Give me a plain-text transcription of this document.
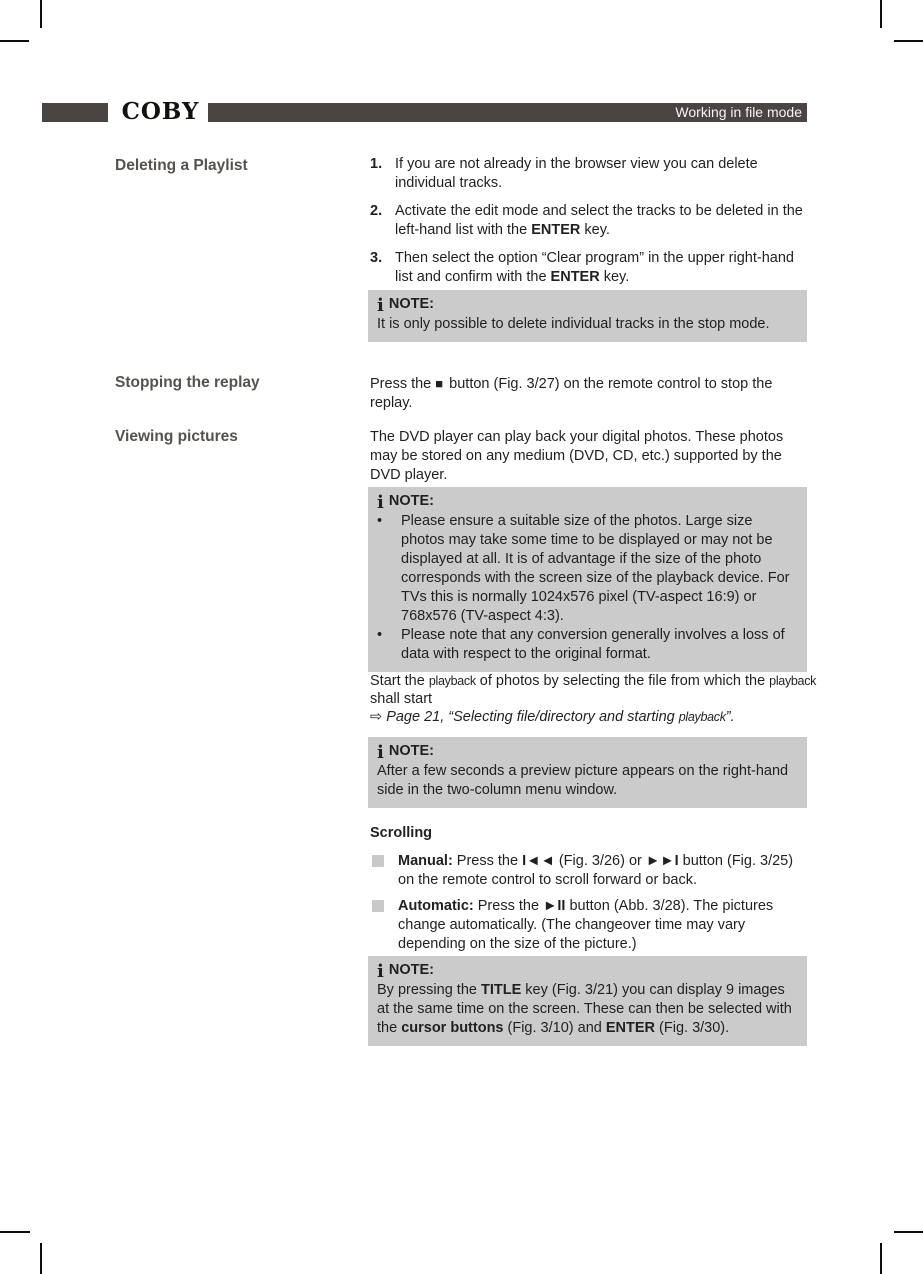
COBY	Working in file mode
Deleting a Playlist	1. If you are not already in the browser view you can delete individual tracks.
2. Activate the edit mode and select the tracks to be deleted in the left-hand list with the ENTER key.
3. Then select the option “Clear program” in the upper right-hand list and confirm with the ENTER key.
i NOTE:
It is only possible to delete individual tracks in the stop mode.
Stopping the replay	Press the ■ button (Fig. 3/27) on the remote control to stop the replay.
Viewing pictures	The DVD player can play back your digital photos. These photos may be stored on any medium (DVD, CD, etc.) supported by the DVD player.
i NOTE:
•	Please ensure a suitable size of the photos. Large size photos may take some time to be displayed or may not be displayed at all. It is of advantage if the size of the photo corresponds with the screen size of the playback device. For TVs this is normally 1024x576 pixel (TV-aspect 16:9) or 768x576 (TV-aspect 4:3).
•	Please note that any conversion generally involves a loss of data with respect to the original format.
Start the playback of photos by selecting the file from which the playback shall start
⇨ Page 21, “Selecting file/directory and starting playback”.
i NOTE:
After a few seconds a preview picture appears on the right-hand side in the two-column menu window.
Scrolling
Manual: Press the I◄◄ (Fig. 3/26) or ►►I button (Fig. 3/25) on the remote control to scroll forward or back.
Automatic: Press the ►II button (Abb. 3/28). The pictures change automatically. (The changeover time may vary depending on the size of the picture.)
i NOTE:
By pressing the TITLE key (Fig. 3/21) you can display 9 images at the same time on the screen. These can then be selected with the cursor buttons (Fig. 3/10) and ENTER (Fig. 3/30).
